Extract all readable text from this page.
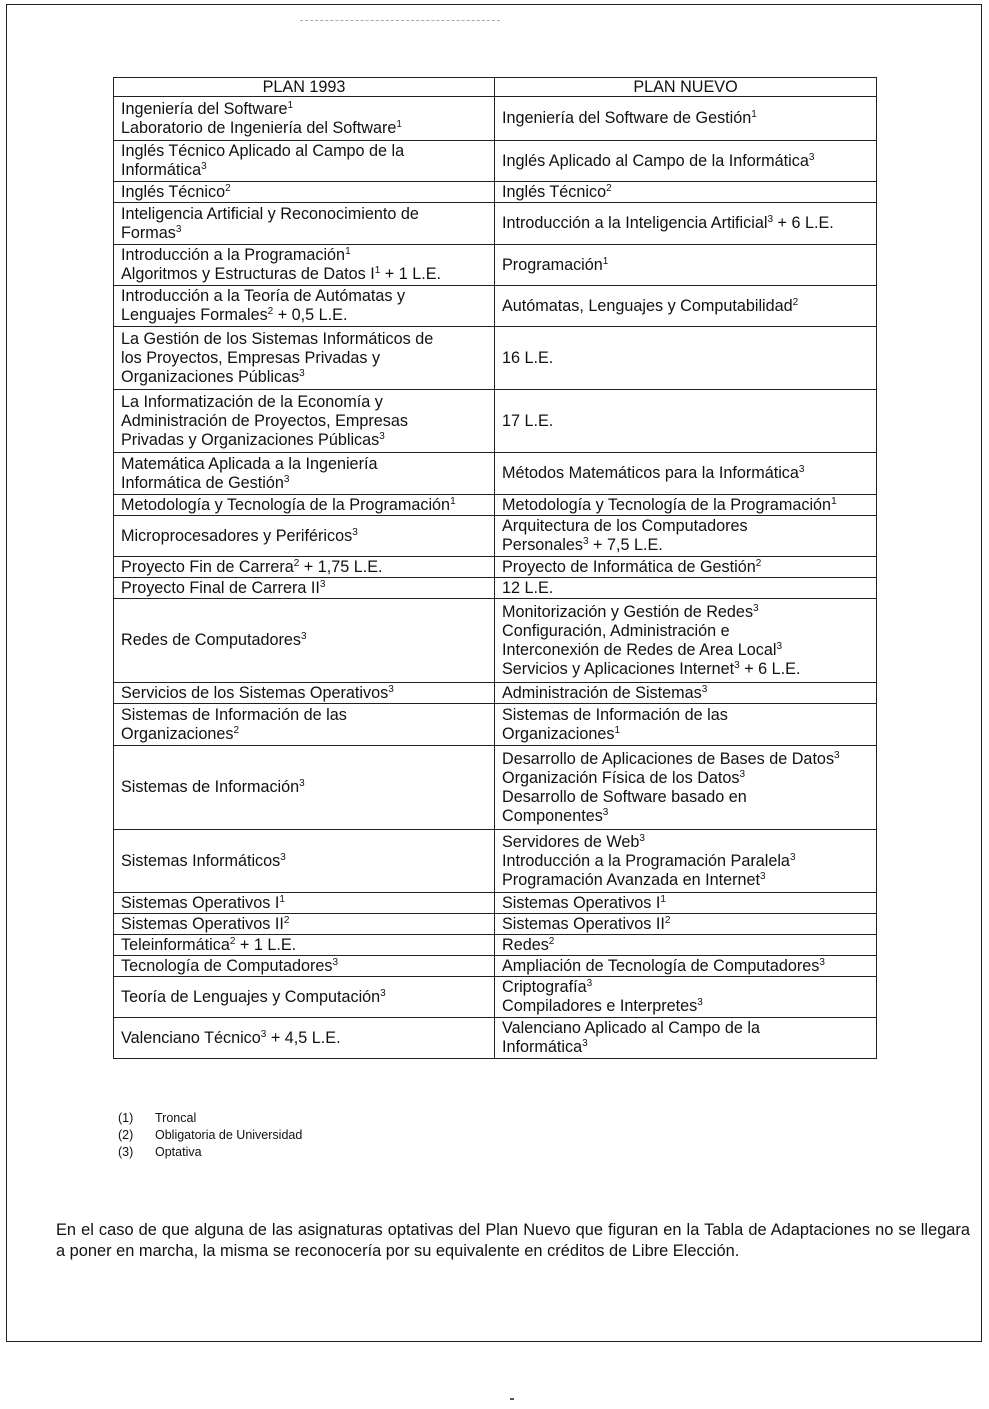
PLAN 1993	PLAN NUEVO

Ingeniería del Software$^1$
Laboratorio de Ingeniería del Software$^1$	Ingeniería del Software de Gestión$^1$

Inglés Técnico Aplicado al Campo de la
Informática$^3$	Inglés Aplicado al Campo de la Informática$^3$

Inglés Técnico$^2$	Inglés Técnico$^2$

Inteligencia Artificial y Reconocimiento de
Formas$^3$	Introducción a la Inteligencia Artificial$^3$ + 6 L.E.

Introducción a la Programación$^1$
Algoritmos y Estructuras de Datos $I^1 + 1$ L.E.	Programación$^1$

Introducción a la Teoría de Autómatas y
Lenguajes Formales$^2$ + 0,5 L.E.	Autómatas, Lenguajes y Computabilidad$^2$

La Gestión de los Sistemas Informáticos de
los Proyectos, Empresas Privadas y
Organizaciones Públicas$^3$	16 L.E.

La Informatización de la Economía y
Administración de Proyectos, Empresas
Privadas y Organizaciones Públicas$^3$	17 L.E.

Matemática Aplicada a la Ingeniería
Informática de Gestión$^3$	Métodos Matemáticos para la Informática$^3$

Metodología y Tecnología de la Programación$^1$	Metodología y Tecnología de la Programación$^1$

Microprocesadores y Periféricos$^3$	Arquitectura de los Computadores
Personales$^3$ + 7,5 L.E.

Proyecto Fin de Carrera$^2$ + 1,75 L.E.	Proyecto de Informática de Gestión$^2$

Proyecto Final de Carrera $II^3$	12 L.E.

Redes de Computadores$^3$	Monitorización y Gestión de Redes$^3$
Configuración, Administración e
Interconexión de Redes de Area Local$^3$
Servicios y Aplicaciones Internet$^3$ + 6 L.E.

Servicios de los Sistemas Operativos$^3$	Administración de Sistemas$^3$

Sistemas de Información de las
Organizaciones$^2$	Sistemas de Información de las
Organizaciones$^1$

Sistemas de Información$^3$	Desarrollo de Aplicaciones de Bases de Datos$^3$
Organización Física de los Datos$^3$
Desarrollo de Software basado en
Componentes$^3$

Sistemas Informáticos$^3$	Servidores de Web$^3$
Introducción a la Programación Paralela$^3$
Programación Avanzada en Internet$^3$

Sistemas Operativos $I^1$	Sistemas Operativos $I^1$

Sistemas Operativos $II^2$	Sistemas Operativos $II^2$

Teleinformática$^2$ + 1 L.E.	Redes$^2$

Tecnología de Computadores$^3$	Ampliación de Tecnología de Computadores$^3$

Teoría de Lenguajes y Computación$^3$	Criptografía$^3$
Compiladores e Interpretes$^3$

Valenciano Técnico$^3$ + 4,5 L.E.	Valenciano Aplicado al Campo de la
Informática$^3$
(1)	Troncal
(2)	Obligatoria de Universidad
(3)	Optativa

En el caso de que alguna de las asignaturas optativas del Plan Nuevo que figuran en la Tabla de Adaptaciones no se llegara a poner en marcha, la misma se reconocería por su equivalente en créditos de Libre Elección.
